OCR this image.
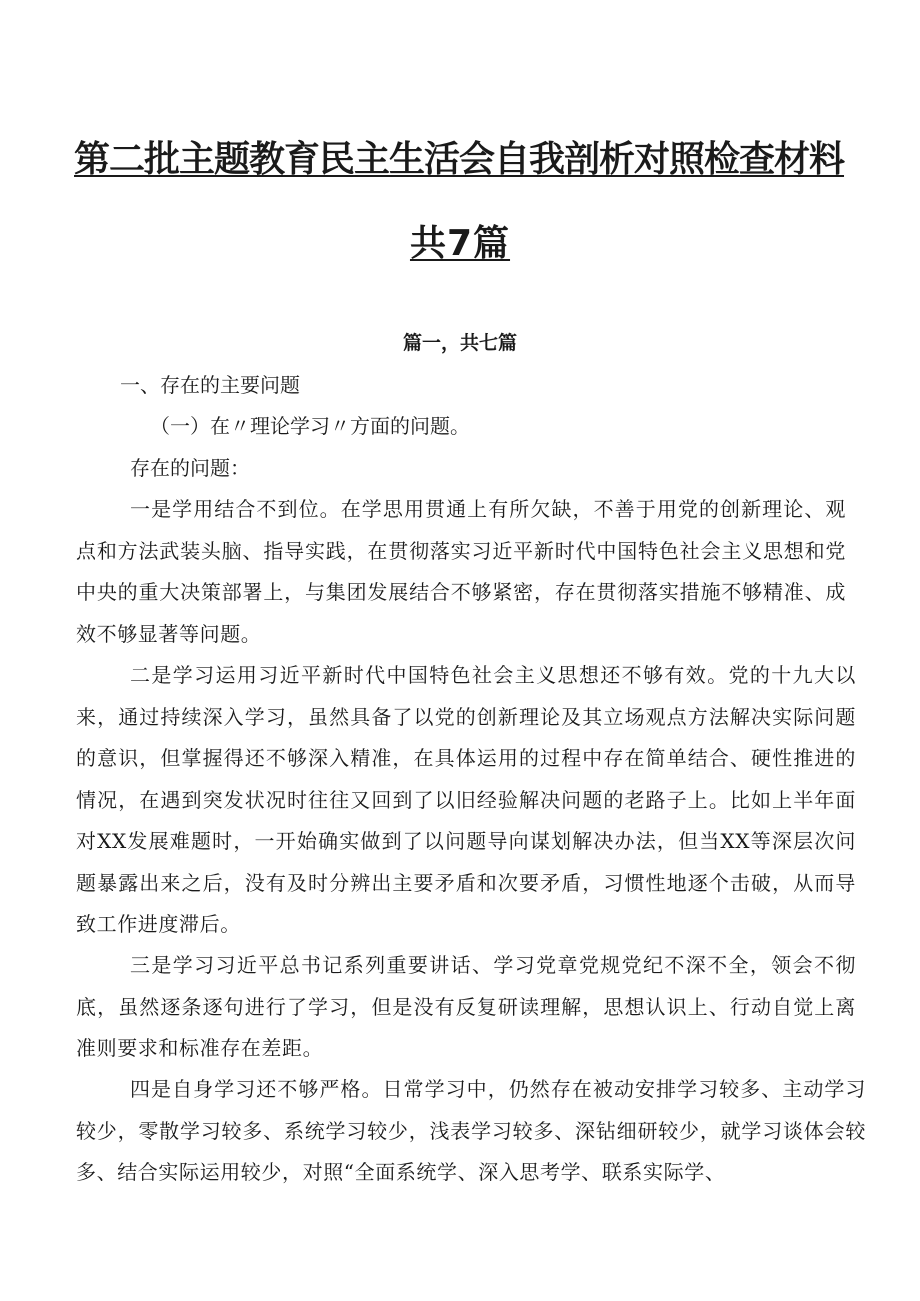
第二批主题教育民主生活会自我剖析对照检查材料
共7篇
篇一，共七篇
一、存在的主要问题
（一）在〃理论学习〃方面的问题。
存在的问题：
一是学用结合不到位。在学思用贯通上有所欠缺，不善于用党的创新理论、观点和方法武装头脑、指导实践，在贯彻落实习近平新时代中国特色社会主义思想和党中央的重大决策部署上，与集团发展结合不够紧密，存在贯彻落实措施不够精准、成效不够显著等问题。
二是学习运用习近平新时代中国特色社会主义思想还不够有效。党的十九大以来，通过持续深入学习，虽然具备了以党的创新理论及其立场观点方法解决实际问题的意识，但掌握得还不够深入精准，在具体运用的过程中存在简单结合、硬性推进的情况，在遇到突发状况时往往又回到了以旧经验解决问题的老路子上。比如上半年面对XX发展难题时，一开始确实做到了以问题导向谋划解决办法，但当XX等深层次问题暴露出来之后，没有及时分辨出主要矛盾和次要矛盾，习惯性地逐个击破，从而导致工作进度滞后。
三是学习习近平总书记系列重要讲话、学习党章党规党纪不深不全，领会不彻底，虽然逐条逐句进行了学习，但是没有反复研读理解，思想认识上、行动自觉上离准则要求和标准存在差距。
四是自身学习还不够严格。日常学习中，仍然存在被动安排学习较多、主动学习较少，零散学习较多、系统学习较少，浅表学习较多、深钻细研较少，就学习谈体会较多、结合实际运用较少，对照“全面系统学、深入思考学、联系实际学、
